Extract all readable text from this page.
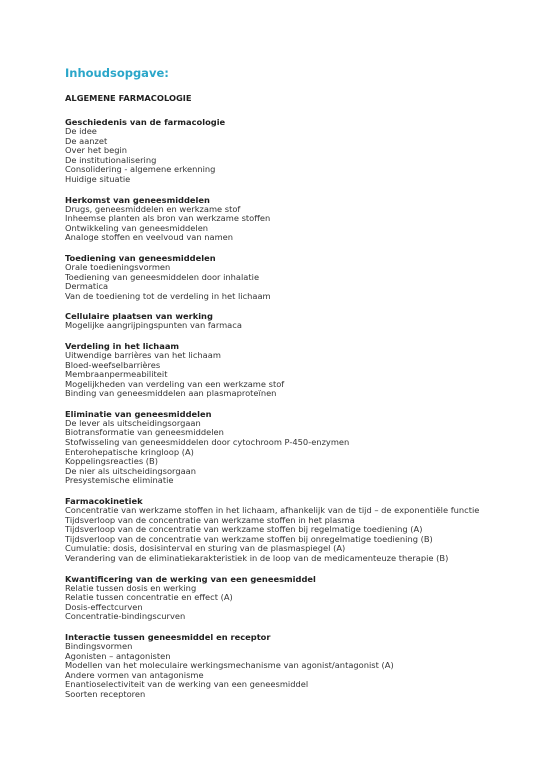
Inhoudsopgave:
ALGEMENE FARMACOLOGIE
Geschiedenis van de farmacologie
De idee
De aanzet
Over het begin
De institutionalisering
Consolidering - algemene erkenning
Huidige situatie
Herkomst van geneesmiddelen
Drugs, geneesmiddelen en werkzame stof
Inheemse planten als bron van werkzame stoffen
Ontwikkeling van geneesmiddelen
Analoge stoffen en veelvoud van namen
Toediening van geneesmiddelen
Orale toedieningsvormen
Toediening van geneesmiddelen door inhalatie
Dermatica
Van de toediening tot de verdeling in het lichaam
Cellulaire plaatsen van werking
Mogelijke aangrijpingspunten van farmaca
Verdeling in het lichaam
Uitwendige barrières van het lichaam
Bloed-weefselbarrières
Membraanpermeabiliteit
Mogelijkheden van verdeling van een werkzame stof
Binding van geneesmiddelen aan plasmaproteïnen
Eliminatie van geneesmiddelen
De lever als uitscheidingsorgaan
Biotransformatie van geneesmiddelen
Stofwisseling van geneesmiddelen door cytochroom P-450-enzymen
Enterohepatische kringloop (A)
Koppelingsreacties (B)
De nier als uitscheidingsorgaan
Presystemische eliminatie
Farmacokinetiek
Concentratie van werkzame stoffen in het lichaam, afhankelijk van de tijd – de exponentiële functie
Tijdsverloop van de concentratie van werkzame stoffen in het plasma
Tijdsverloop van de concentratie van werkzame stoffen bij regelmatige toediening (A)
Tijdsverloop van de concentratie van werkzame stoffen bij onregelmatige toediening (B)
Cumulatie: dosis, dosisinterval en sturing van de plasmaspiegel (A)
Verandering van de eliminatiekarakteristiek in de loop van de medicamenteuze therapie (B)
Kwantificering van de werking van een geneesmiddel
Relatie tussen dosis en werking
Relatie tussen concentratie en effect (A)
Dosis-effectcurven
Concentratie-bindingscurven
Interactie tussen geneesmiddel en receptor
Bindingsvormen
Agonisten – antagonisten
Modellen van het moleculaire werkingsmechanisme van agonist/antagonist (A)
Andere vormen van antagonisme
Enantioselectiviteit van de werking van een geneesmiddel
Soorten receptoren
